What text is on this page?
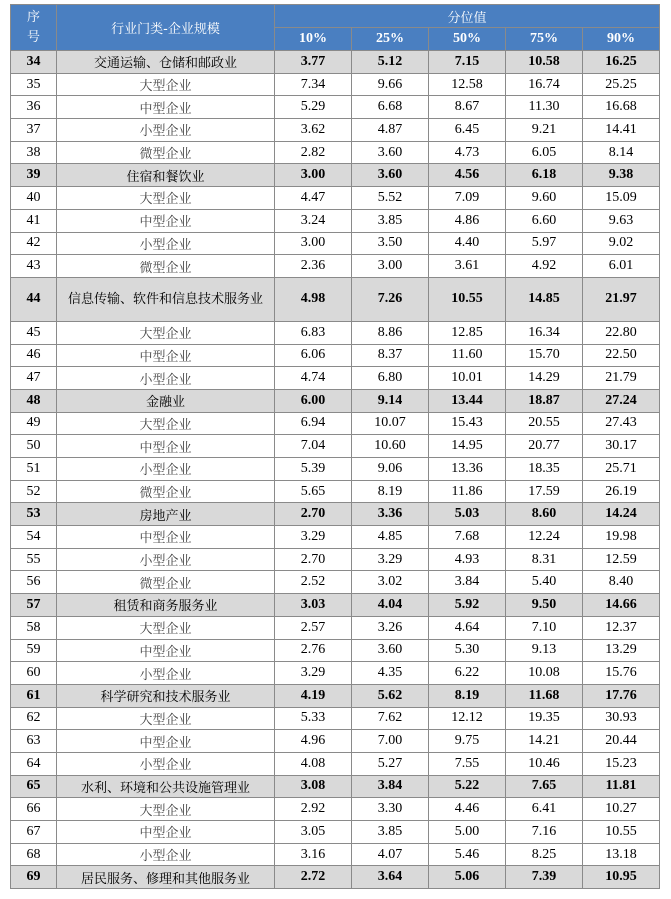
序号	行业门类-企业规模	分位值				
		10%	25%	50%	75%	90%
34	交通运输、仓储和邮政业	3.77	5.12	7.15	10.58	16.25
35	大型企业	7.34	9.66	12.58	16.74	25.25
36	中型企业	5.29	6.68	8.67	11.30	16.68
37	小型企业	3.62	4.87	6.45	9.21	14.41
38	微型企业	2.82	3.60	4.73	6.05	8.14
39	住宿和餐饮业	3.00	3.60	4.56	6.18	9.38
40	大型企业	4.47	5.52	7.09	9.60	15.09
41	中型企业	3.24	3.85	4.86	6.60	9.63
42	小型企业	3.00	3.50	4.40	5.97	9.02
43	微型企业	2.36	3.00	3.61	4.92	6.01
44	信息传输、软件和信息技术服务业	4.98	7.26	10.55	14.85	21.97
45	大型企业	6.83	8.86	12.85	16.34	22.80
46	中型企业	6.06	8.37	11.60	15.70	22.50
47	小型企业	4.74	6.80	10.01	14.29	21.79
48	金融业	6.00	9.14	13.44	18.87	27.24
49	大型企业	6.94	10.07	15.43	20.55	27.43
50	中型企业	7.04	10.60	14.95	20.77	30.17
51	小型企业	5.39	9.06	13.36	18.35	25.71
52	微型企业	5.65	8.19	11.86	17.59	26.19
53	房地产业	2.70	3.36	5.03	8.60	14.24
54	中型企业	3.29	4.85	7.68	12.24	19.98
55	小型企业	2.70	3.29	4.93	8.31	12.59
56	微型企业	2.52	3.02	3.84	5.40	8.40
57	租赁和商务服务业	3.03	4.04	5.92	9.50	14.66
58	大型企业	2.57	3.26	4.64	7.10	12.37
59	中型企业	2.76	3.60	5.30	9.13	13.29
60	小型企业	3.29	4.35	6.22	10.08	15.76
61	科学研究和技术服务业	4.19	5.62	8.19	11.68	17.76
62	大型企业	5.33	7.62	12.12	19.35	30.93
63	中型企业	4.96	7.00	9.75	14.21	20.44
64	小型企业	4.08	5.27	7.55	10.46	15.23
65	水利、环境和公共设施管理业	3.08	3.84	5.22	7.65	11.81
66	大型企业	2.92	3.30	4.46	6.41	10.27
67	中型企业	3.05	3.85	5.00	7.16	10.55
68	小型企业	3.16	4.07	5.46	8.25	13.18
69	居民服务、修理和其他服务业	2.72	3.64	5.06	7.39	10.95
